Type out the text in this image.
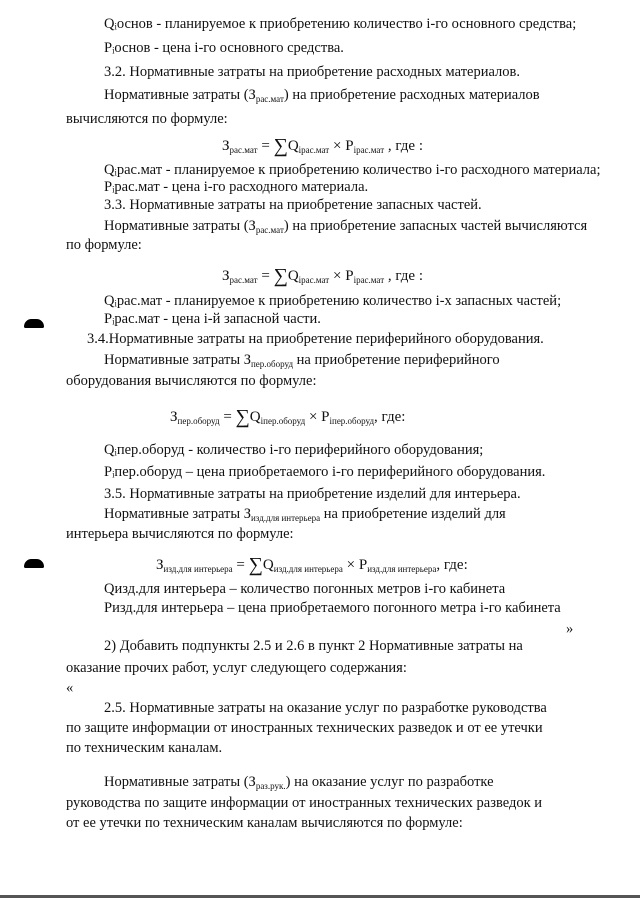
Qᵢоснов - планируемое к приобретению количество i-го основного средства;
Pᵢоснов - цена i-го основного средства.
3.2. Нормативные затраты на приобретение расходных материалов.
Нормативные затраты $(З_{рас.мат})$ на приобретение расходных материалов
вычисляются по формуле:
$З_{рас.мат} = \sum Q_{iрас.мат} \times P_{iрас.мат}$ , где :
Qᵢрас.мат - планируемое к приобретению количество i-го расходного материала;
Pᵢрас.мат - цена i-го расходного материала.
3.3. Нормативные затраты на приобретение запасных частей.
Нормативные затраты $(З_{рас.мат})$ на приобретение запасных частей вычисляются
по формуле:
$З_{рас.мат} = \sum Q_{iрас.мат} \times P_{iрас.мат}$ , где :
Qᵢрас.мат - планируемое к приобретению количество i-х запасных частей;
Pᵢрас.мат - цена i-й запасной части.
3.4.Нормативные затраты на приобретение периферийного оборудования.
Нормативные затраты $З_{пер.оборуд}$ на приобретение периферийного
оборудования вычисляются по формуле:
$З_{пер.оборуд} = \sum Q_{iпер.оборуд} \times P_{iпер.оборуд}$, где:
Qᵢпер.оборуд - количество i-го периферийного оборудования;
Pᵢпер.оборуд – цена приобретаемого i-го периферийного оборудования.
3.5. Нормативные затраты на приобретение изделий для интерьера.
Нормативные затраты $З_{изд.для интерьера}$ на приобретение изделий для
интерьера вычисляются по формуле:
$З_{изд.для интерьера} = \sum Q_{изд.для интерьера} \times P_{изд.для интерьера}$, где:
Qизд.для интерьера – количество погонных метров i-го кабинета
Pизд.для интерьера – цена приобретаемого погонного метра i-го кабинета
»
2) Добавить подпункты 2.5 и 2.6 в пункт 2 Нормативные затраты на
оказание прочих работ, услуг следующего содержания:
«
2.5. Нормативные затраты на оказание услуг по разработке руководства
по защите информации от иностранных технических разведок и от ее утечки
по техническим каналам.
Нормативные затраты $(З_{раз.рук.})$ на оказание услуг по разработке
руководства по защите информации от иностранных технических разведок и
от ее утечки по техническим каналам вычисляются по формуле:
